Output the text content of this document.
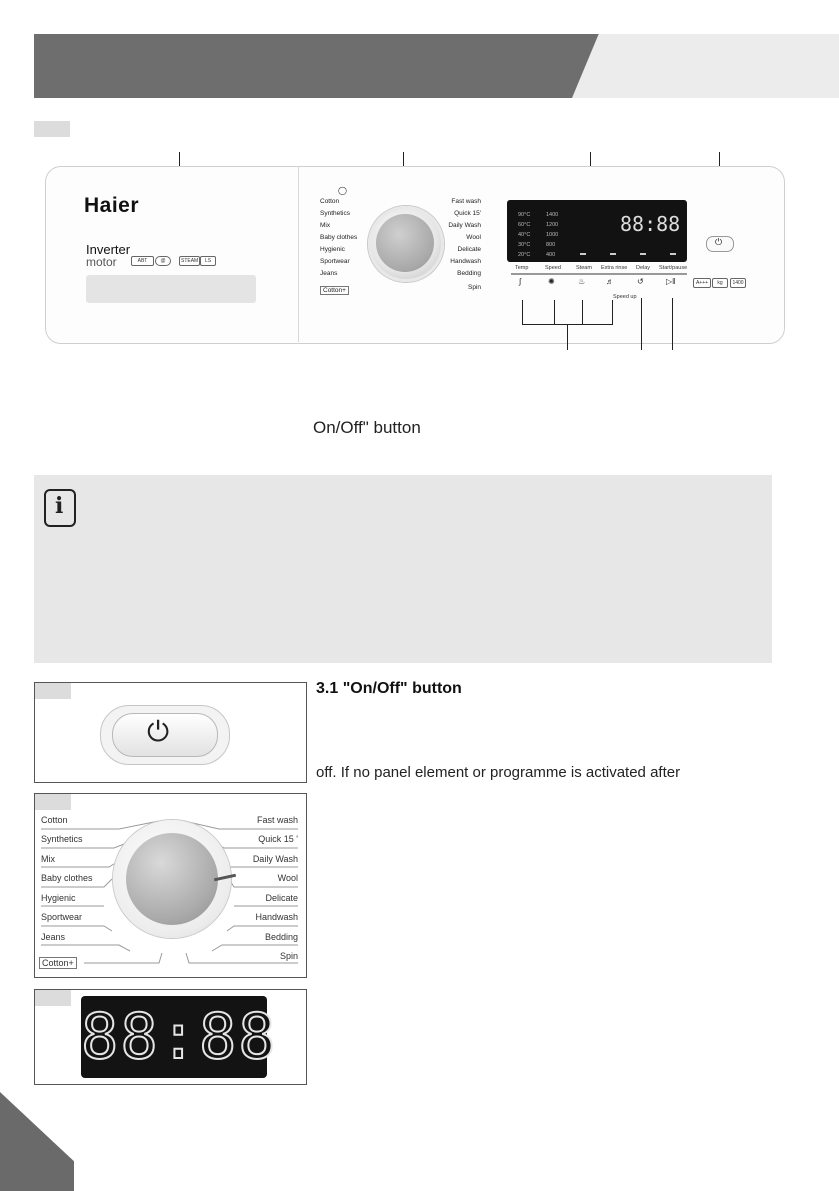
Haier
Inverter
motor	ABT	@	STEAM	LS
◯
Cotton
Synthetics
Mix
Baby clothes
Hygienic
Sportwear
Jeans
Cotton+
Fast wash
Quick 15'
Daily Wash
Wool
Delicate
Handwash
Bedding
Spin
90°C
60°C
40°C
30°C
20°C
1400
1200
1000
800
400
88:88
Temp	Speed	Steam Extra rinse Delay Start/pause
∫	✺	♨	♬	↺	▷‖
Speed up
⏻
A+++	kg	1400
On/Off" button
i
⏻
3.1 "On/Off" button
off. If no panel element or programme is activated after
Cotton
Synthetics
Mix
Baby clothes
Hygienic
Sportwear
Jeans
Cotton+
Fast wash
Quick 15 '
Daily Wash
Wool
Delicate
Handwash
Bedding
Spin
88:88
